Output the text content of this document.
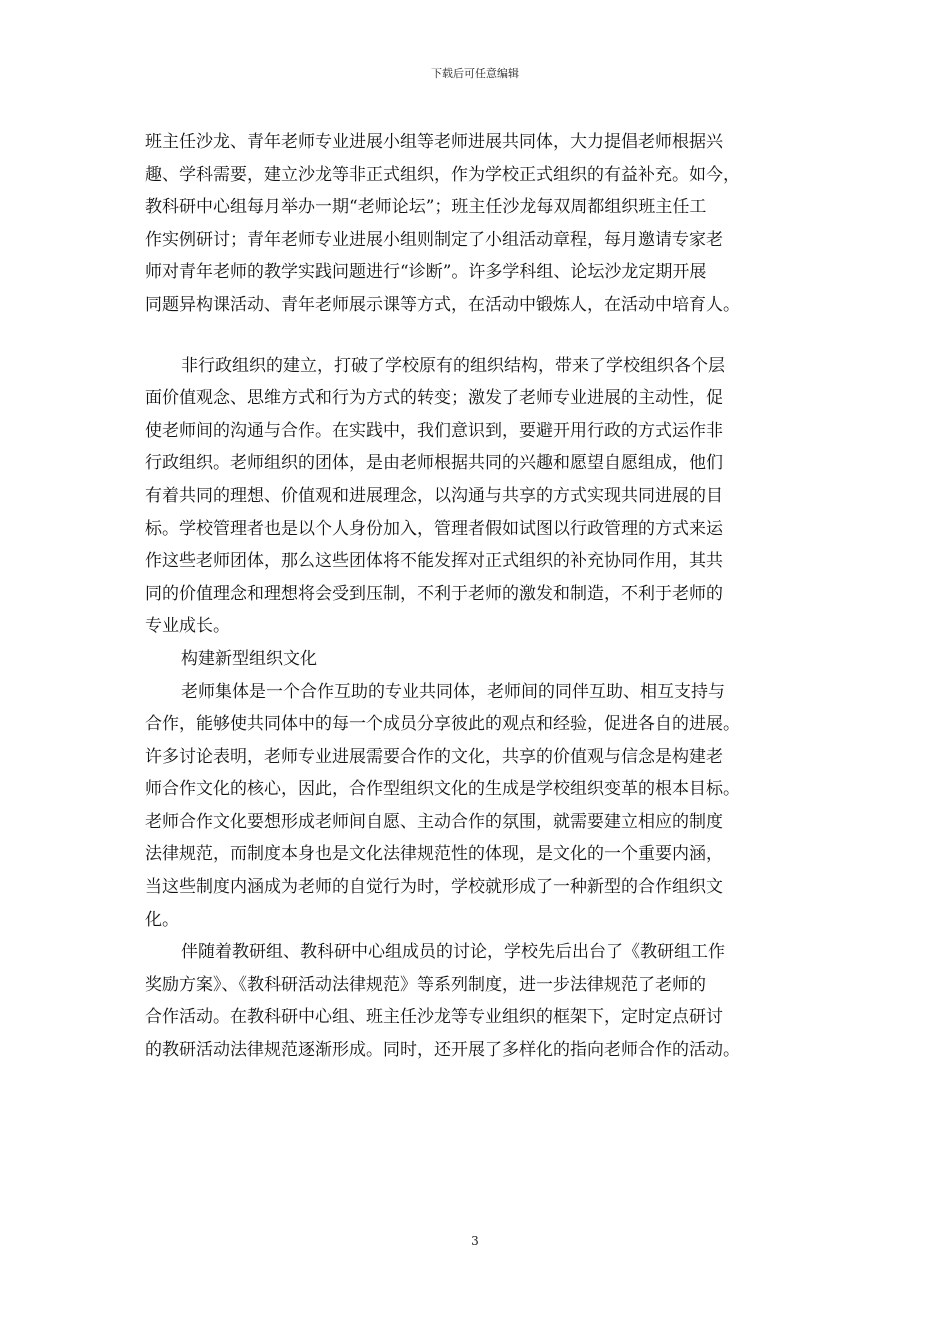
下载后可任意编辑
班主任沙龙、青年老师专业进展小组等老师进展共同体，大力提倡老师根据兴
趣、学科需要，建立沙龙等非正式组织，作为学校正式组织的有益补充。如今，
教科研中心组每月举办一期“老师论坛”；班主任沙龙每双周都组织班主任工
作实例研讨；青年老师专业进展小组则制定了小组活动章程，每月邀请专家老
师对青年老师的教学实践问题进行“诊断”。许多学科组、论坛沙龙定期开展
同题异构课活动、青年老师展示课等方式，在活动中锻炼人，在活动中培育人。
非行政组织的建立，打破了学校原有的组织结构，带来了学校组织各个层
面价值观念、思维方式和行为方式的转变；激发了老师专业进展的主动性，促
使老师间的沟通与合作。在实践中，我们意识到，要避开用行政的方式运作非
行政组织。老师组织的团体，是由老师根据共同的兴趣和愿望自愿组成，他们
有着共同的理想、价值观和进展理念，以沟通与共享的方式实现共同进展的目
标。学校管理者也是以个人身份加入，管理者假如试图以行政管理的方式来运
作这些老师团体，那么这些团体将不能发挥对正式组织的补充协同作用，其共
同的价值理念和理想将会受到压制，不利于老师的激发和制造，不利于老师的
专业成长。
构建新型组织文化
老师集体是一个合作互助的专业共同体，老师间的同伴互助、相互支持与
合作，能够使共同体中的每一个成员分享彼此的观点和经验，促进各自的进展。
许多讨论表明，老师专业进展需要合作的文化，共享的价值观与信念是构建老
师合作文化的核心，因此，合作型组织文化的生成是学校组织变革的根本目标。
老师合作文化要想形成老师间自愿、主动合作的氛围，就需要建立相应的制度
法律规范，而制度本身也是文化法律规范性的体现，是文化的一个重要内涵，
当这些制度内涵成为老师的自觉行为时，学校就形成了一种新型的合作组织文
化。
伴随着教研组、教科研中心组成员的讨论，学校先后出台了《教研组工作
奖励方案》、《教科研活动法律规范》等系列制度，进一步法律规范了老师的
合作活动。在教科研中心组、班主任沙龙等专业组织的框架下，定时定点研讨
的教研活动法律规范逐渐形成。同时，还开展了多样化的指向老师合作的活动。
3
